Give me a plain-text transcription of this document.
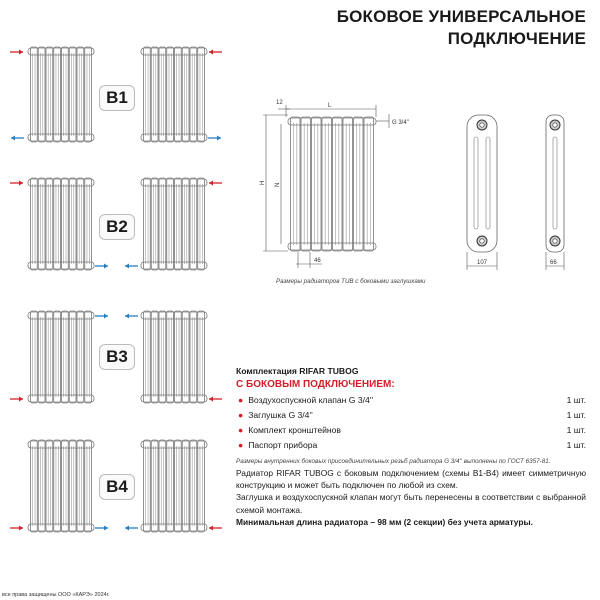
L
12
G 3/4''
H N
46	107	66
БОКОВОЕ УНИВЕРСАЛЬНОЕ
ПОДКЛЮЧЕНИЕ
B1
B2
B3
B4
Размеры радиаторов TUB с боковыми заглушками
Комплектация RIFAR TUBOG
С БОКОВЫМ ПОДКЛЮЧЕНИЕМ:
● Воздухоспускной клапан G 3/4''	1 шт.
● Заглушка G 3/4''	1 шт.
● Комплект кронштейнов	1 шт.
● Паспорт прибора	1 шт.
Размеры внутренних боковых присоединительных резьб радиатора G 3/4'' выполнены по ГОСТ 6357-81.

Радиатор RIFAR TUBOG с боковым подключением (схемы B1-B4) имеет симметричную конструкцию и может быть подключен по любой из схем.

Заглушка и воздухоспускной клапан могут быть перенесены в соответствии с выбранной схемой монтажа.

Минимальная длина радиатора – 98 мм (2 секции) без учета арматуры.

все права защищены ООО «КАРЭ» 2024г.
